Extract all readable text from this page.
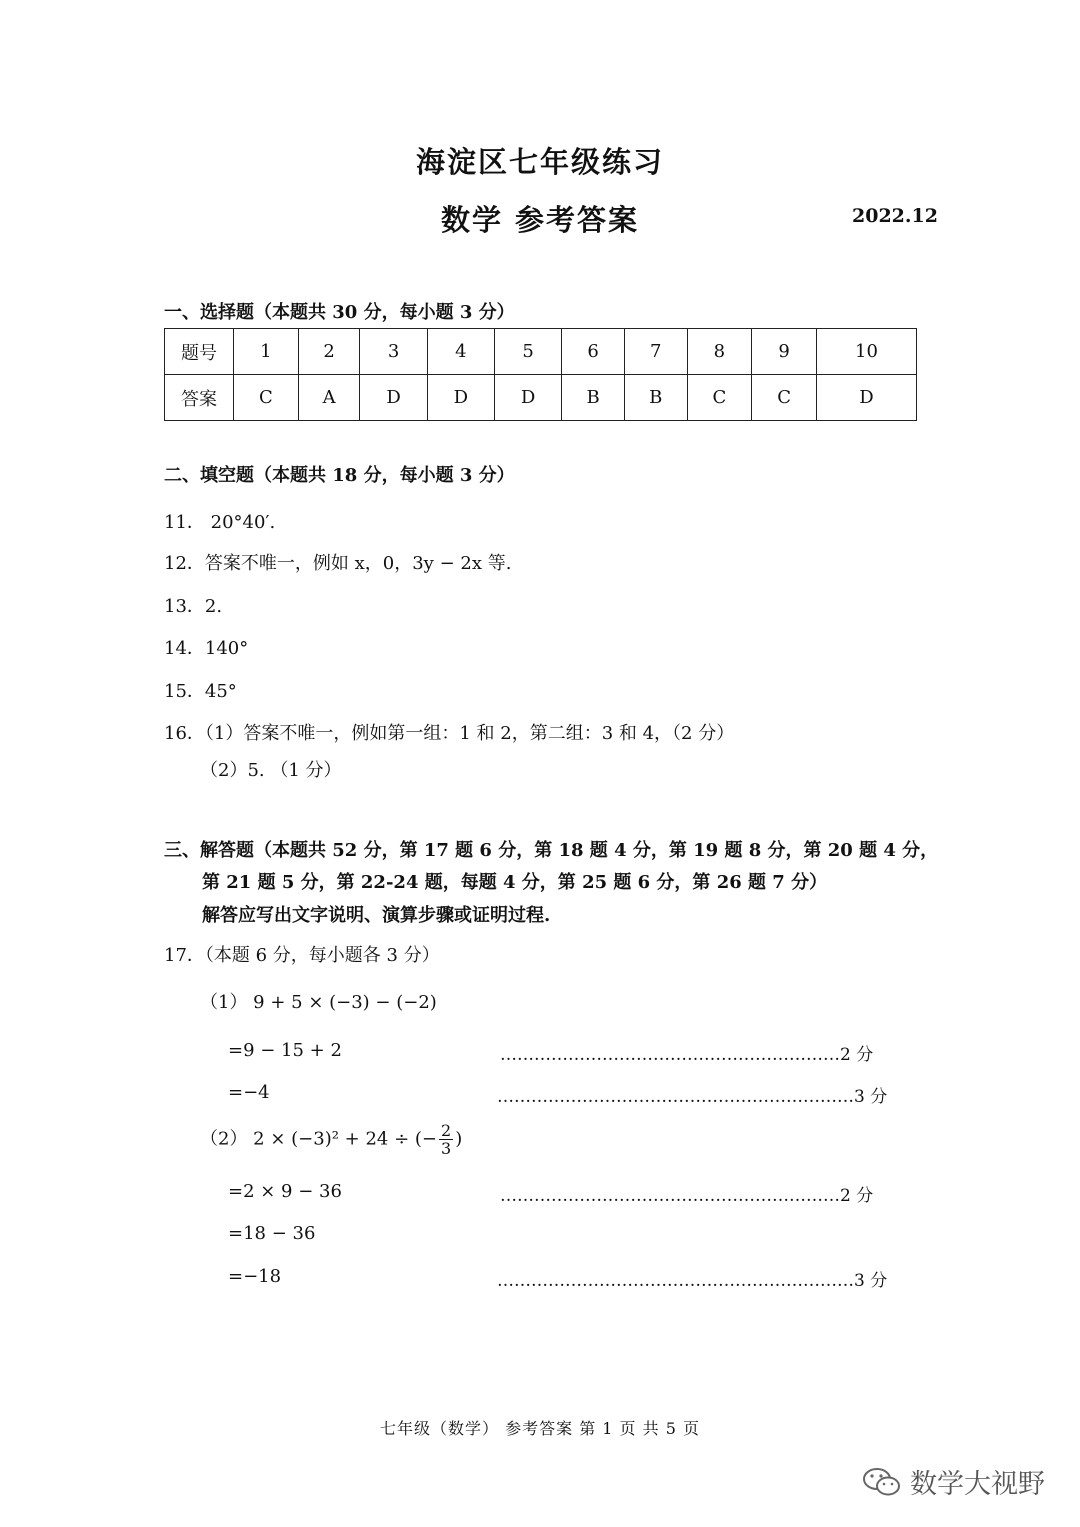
海淀区七年级练习
数学 参考答案	2022.12
一、选择题（本题共 30 分，每小题 3 分）
题号	1	2	3	4	5	6	7	8	9	10
答案	C	A	D	D	D	B	B	C	C	D
二、填空题（本题共 18 分，每小题 3 分）
11． 20°40′.
12．答案不唯一，例如 x，0，3y − 2x 等.
13．2.
14．140°
15．45°
16．（1）答案不唯一，例如第一组：1 和 2，第二组：3 和 4，（2 分）
（2）5. （1 分）
三、解答题（本题共 52 分，第 17 题 6 分，第 18 题 4 分，第 19 题 8 分，第 20 题 4 分，
第 21 题 5 分，第 22-24 题，每题 4 分，第 25 题 6 分，第 26 题 7 分）
解答应写出文字说明、演算步骤或证明过程.
17．（本题 6 分，每小题各 3 分）
（1） 9 + 5 × (−3) − (−2)
=9 − 15 + 2	……………………………………………………2 分
=−4	………………………………………………………3 分
（2） 2 × (−3)² + 24 ÷ (− $\frac{2}{3}$ )
=2 × 9 − 36	……………………………………………………2 分
=18 − 36
=−18	………………………………………………………3 分
七年级（数学） 参考答案 第 1 页 共 5 页
数学大视野
